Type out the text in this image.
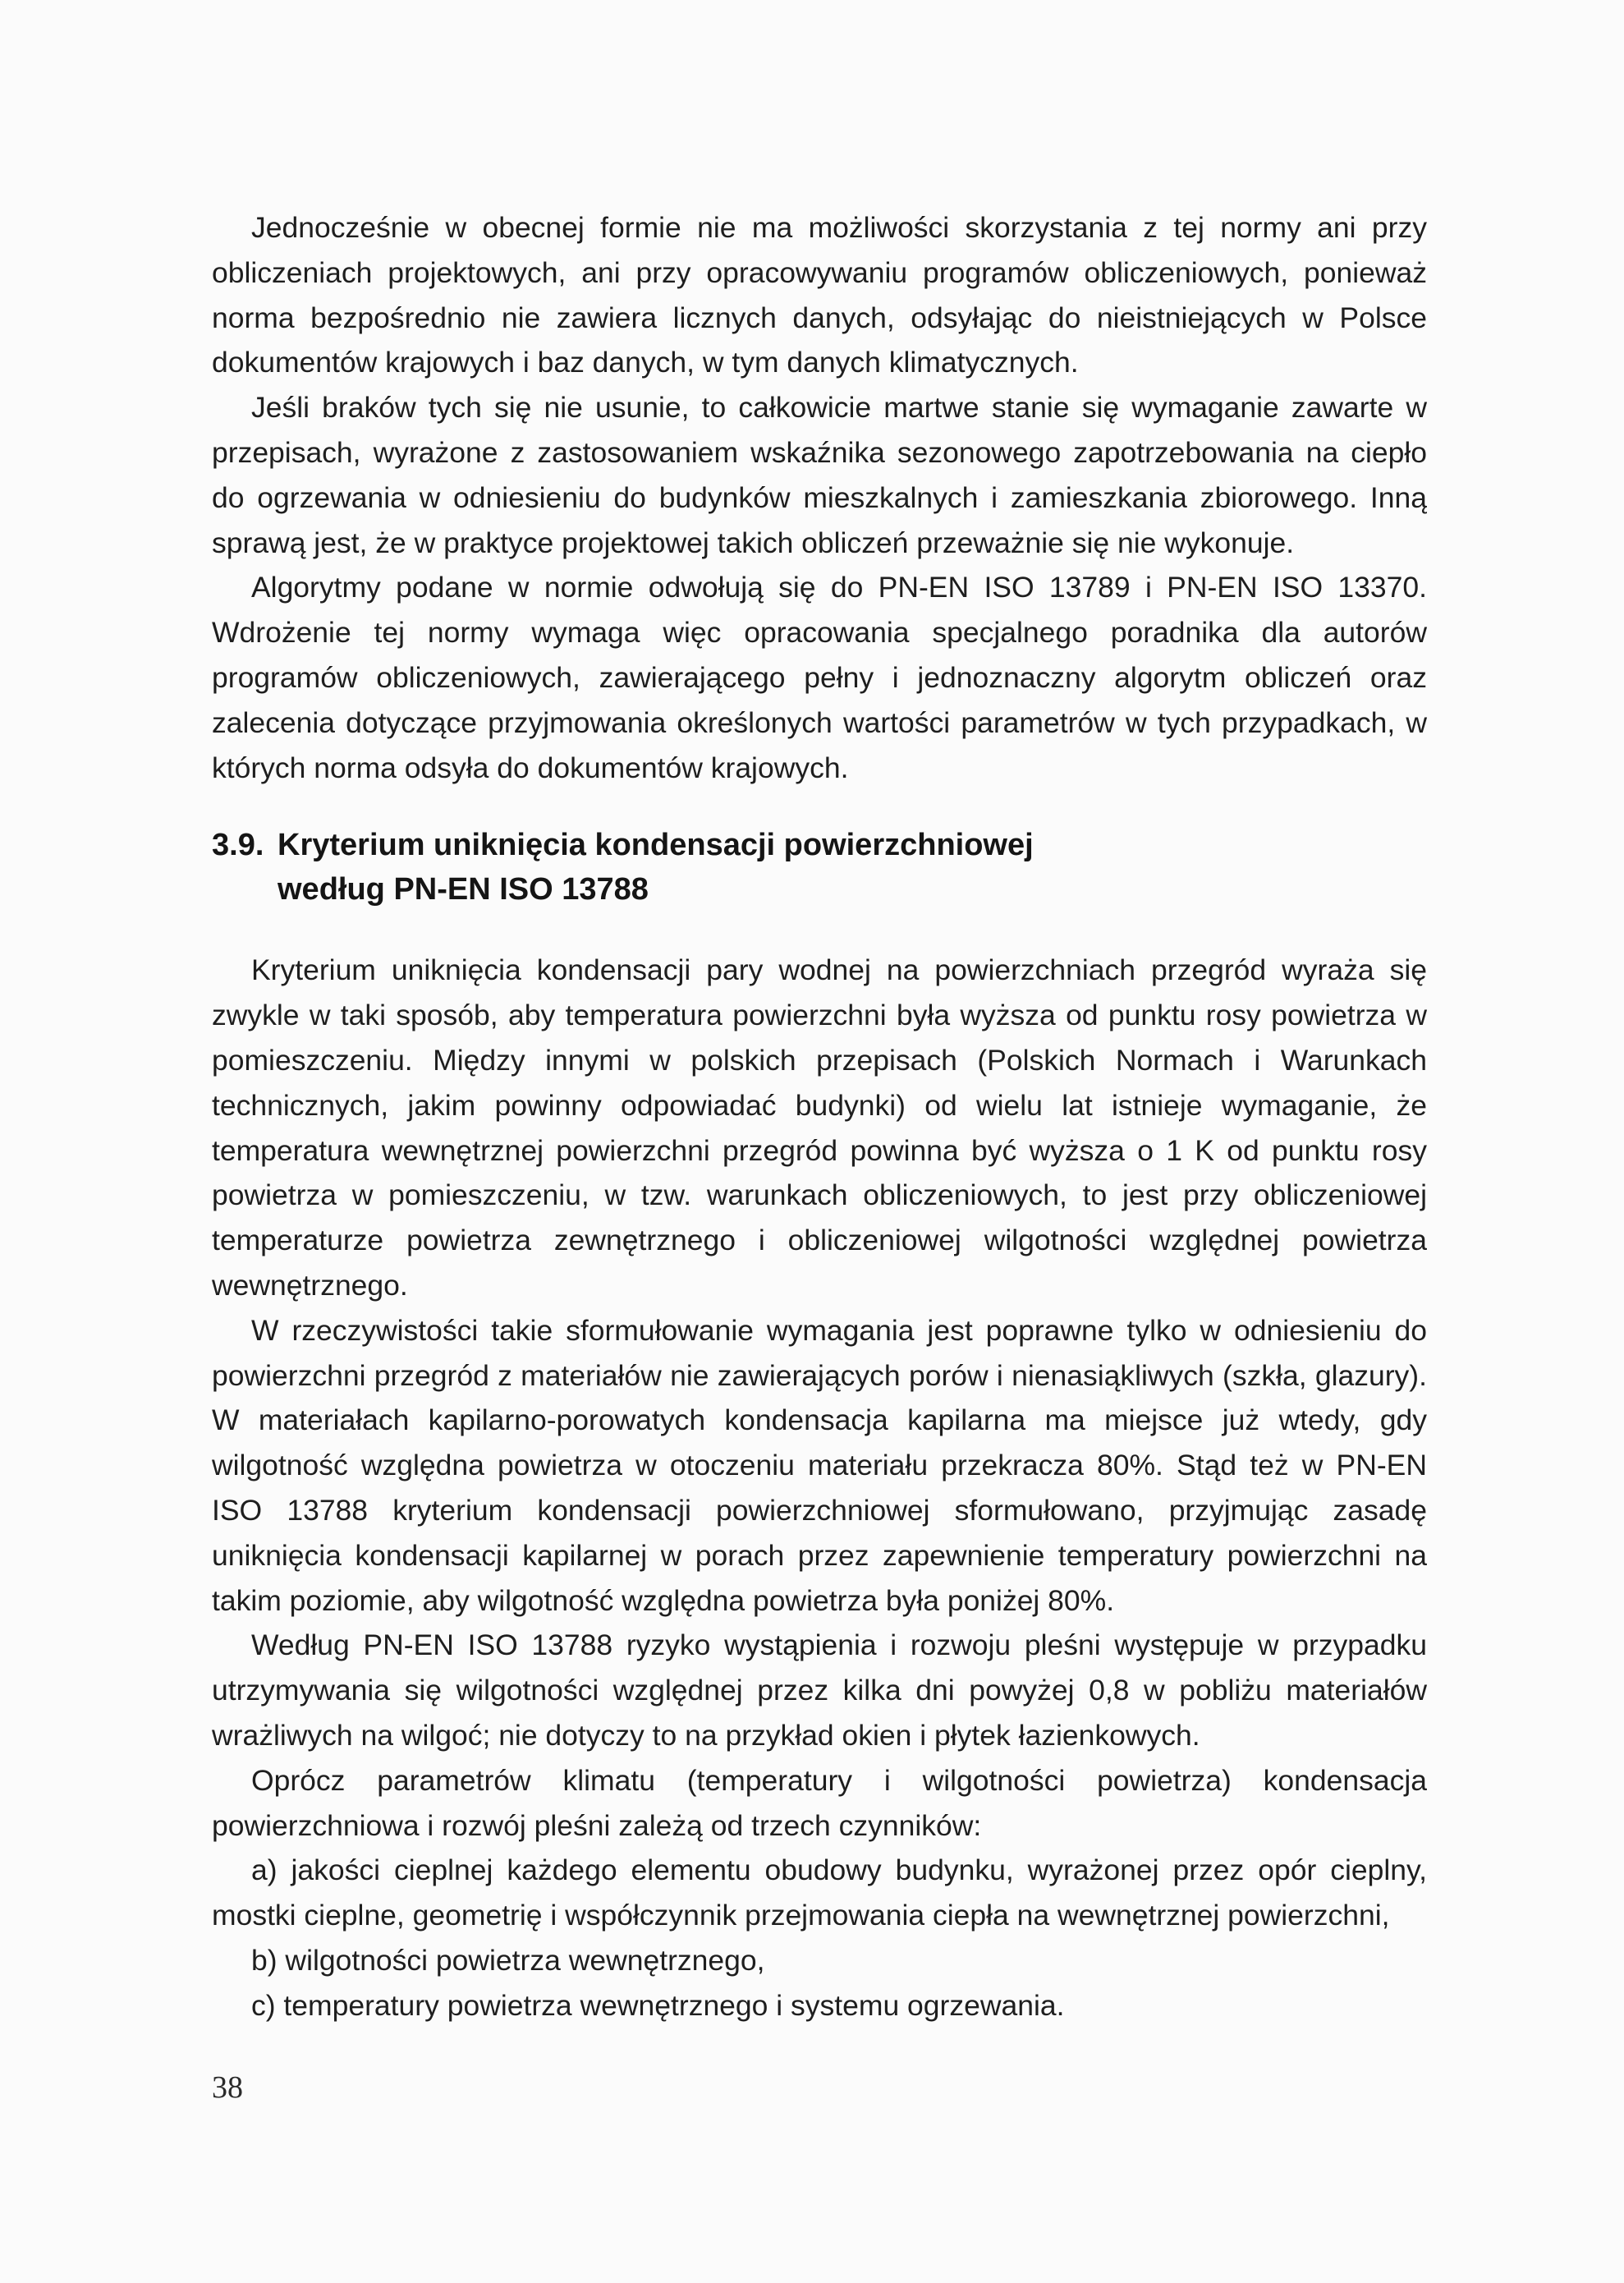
Jednocześnie w obecnej formie nie ma możliwości skorzystania z tej normy ani przy obliczeniach projektowych, ani przy opracowywaniu programów obliczeniowych, ponieważ norma bezpośrednio nie zawiera licznych danych, odsyłając do nieistniejących w Polsce dokumentów krajowych i baz danych, w tym danych klimatycznych.

Jeśli braków tych się nie usunie, to całkowicie martwe stanie się wymaganie zawarte w przepisach, wyrażone z zastosowaniem wskaźnika sezonowego zapotrzebowania na ciepło do ogrzewania w odniesieniu do budynków mieszkalnych i zamieszkania zbiorowego. Inną sprawą jest, że w praktyce projektowej takich obliczeń przeważnie się nie wykonuje.

Algorytmy podane w normie odwołują się do PN-EN ISO 13789 i PN-EN ISO 13370. Wdrożenie tej normy wymaga więc opracowania specjalnego poradnika dla autorów programów obliczeniowych, zawierającego pełny i jednoznaczny algorytm obliczeń oraz zalecenia dotyczące przyjmowania określonych wartości parametrów w tych przypadkach, w których norma odsyła do dokumentów krajowych.

3.9. Kryterium uniknięcia kondensacji powierzchniowej
według PN-EN ISO 13788

Kryterium uniknięcia kondensacji pary wodnej na powierzchniach przegród wyraża się zwykle w taki sposób, aby temperatura powierzchni była wyższa od punktu rosy powietrza w pomieszczeniu. Między innymi w polskich przepisach (Polskich Normach i Warunkach technicznych, jakim powinny odpowiadać budynki) od wielu lat istnieje wymaganie, że temperatura wewnętrznej powierzchni przegród powinna być wyższa o 1 K od punktu rosy powietrza w pomieszczeniu, w tzw. warunkach obliczeniowych, to jest przy obliczeniowej temperaturze powietrza zewnętrznego i obliczeniowej wilgotności względnej powietrza wewnętrznego.

W rzeczywistości takie sformułowanie wymagania jest poprawne tylko w odniesieniu do powierzchni przegród z materiałów nie zawierających porów i nienasiąkliwych (szkła, glazury). W materiałach kapilarno-porowatych kondensacja kapilarna ma miejsce już wtedy, gdy wilgotność względna powietrza w otoczeniu materiału przekracza 80%. Stąd też w PN-EN ISO 13788 kryterium kondensacji powierzchniowej sformułowano, przyjmując zasadę uniknięcia kondensacji kapilarnej w porach przez zapewnienie temperatury powierzchni na takim poziomie, aby wilgotność względna powietrza była poniżej 80%.

Według PN-EN ISO 13788 ryzyko wystąpienia i rozwoju pleśni występuje w przypadku utrzymywania się wilgotności względnej przez kilka dni powyżej 0,8 w pobliżu materiałów wrażliwych na wilgoć; nie dotyczy to na przykład okien i płytek łazienkowych.

Oprócz parametrów klimatu (temperatury i wilgotności powietrza) kondensacja powierzchniowa i rozwój pleśni zależą od trzech czynników:

a) jakości cieplnej każdego elementu obudowy budynku, wyrażonej przez opór cieplny, mostki cieplne, geometrię i współczynnik przejmowania ciepła na wewnętrznej powierzchni,

b) wilgotności powietrza wewnętrznego,

c) temperatury powietrza wewnętrznego i systemu ogrzewania.

38
